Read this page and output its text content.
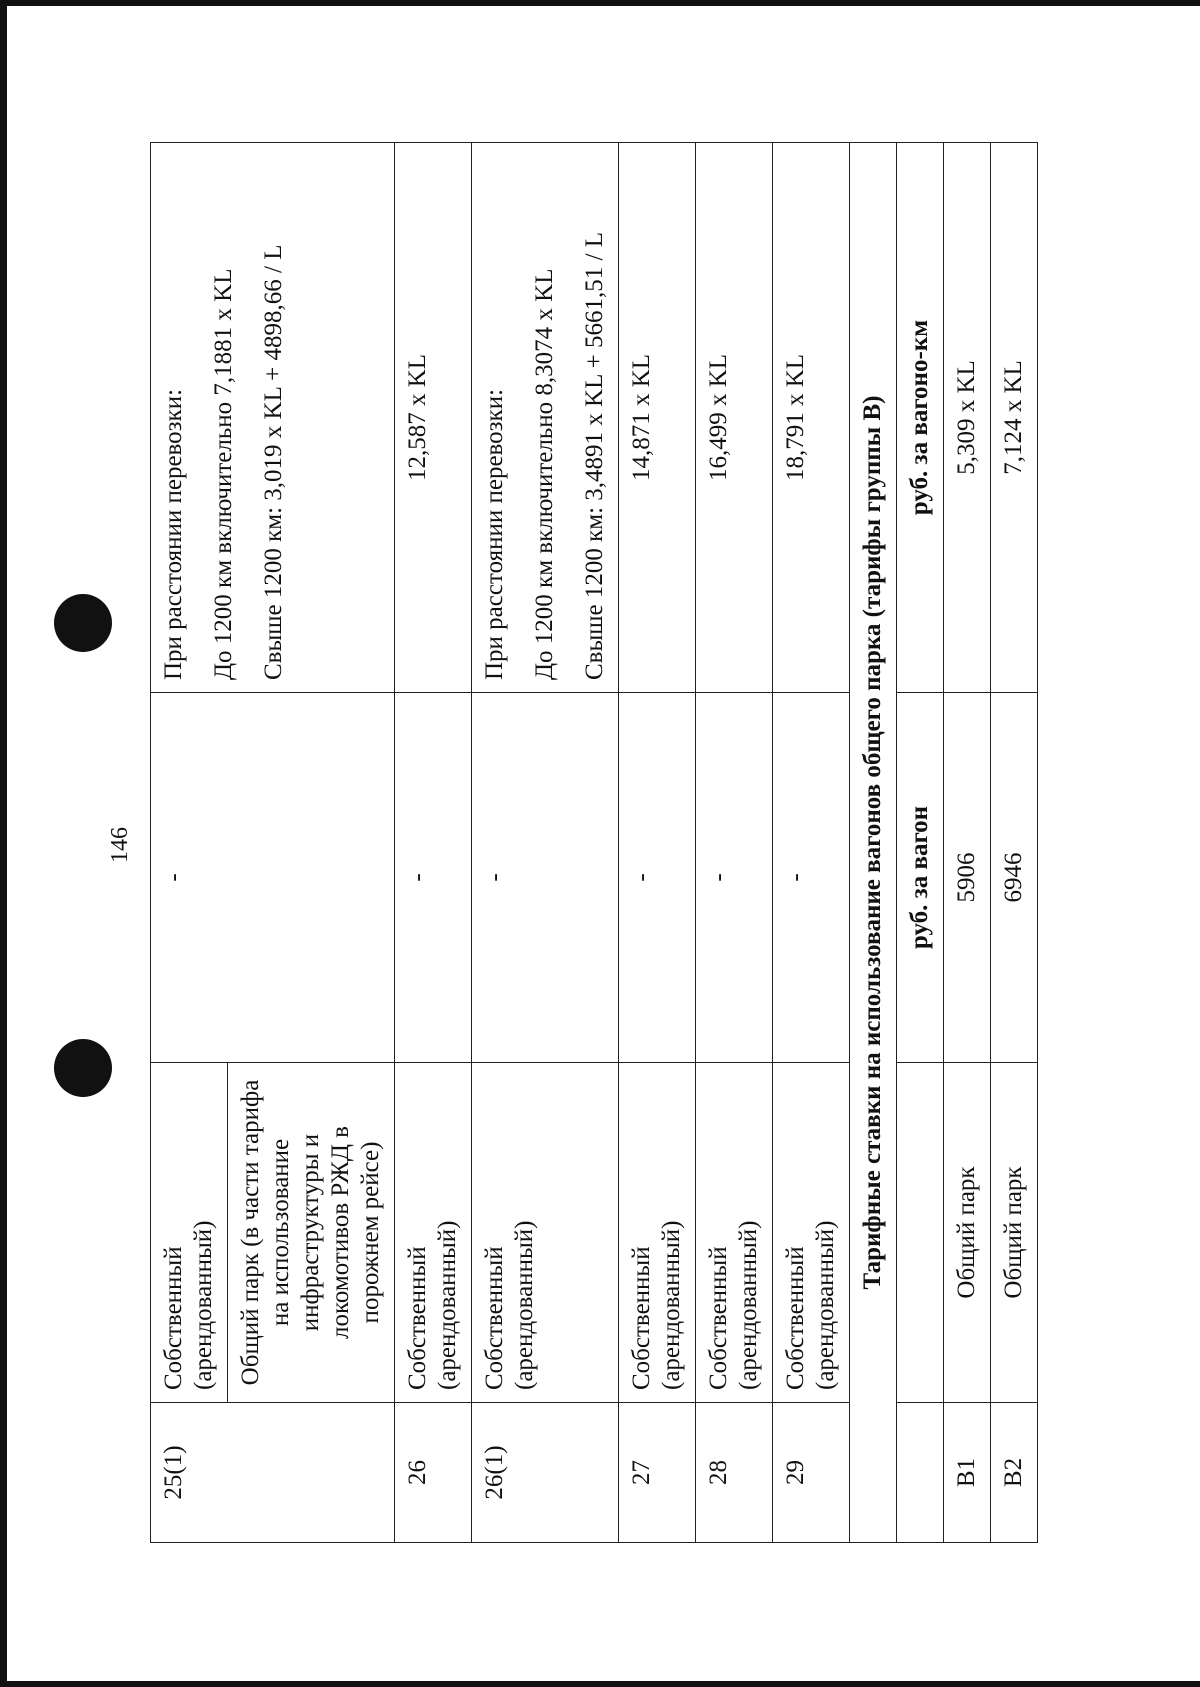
146
25(1)	Собственный (арендованный)	-	При расстоянии перевозки: До 1200 км включительно 7,1881 х KL Свыше 1200 км: 3,019 х KL + 4898,66 / L

	Общий парк (в части тарифа на использование инфраструктуры и локомотивов РЖД в порожнем рейсе)		
26	Собственный (арендованный)	-	12,587 х KL
26(1)	Собственный (арендованный)	-	При расстоянии перевозки: До 1200 км включительно 8,3074 х KL Свыше 1200 км: 3,4891 х KL + 5661,51 / L

27	Собственный (арендованный)	-	14,871 х KL
28	Собственный (арендованный)	-	16,499 х KL
29	Собственный (арендованный)	-	18,791 х KL
Тарифные ставки на использование вагонов общего парка (тарифы группы В)			
		руб. за вагон	руб. за вагоно-км
В1	Общий парк	5906	5,309 х KL
В2	Общий парк	6946	7,124 х KL
